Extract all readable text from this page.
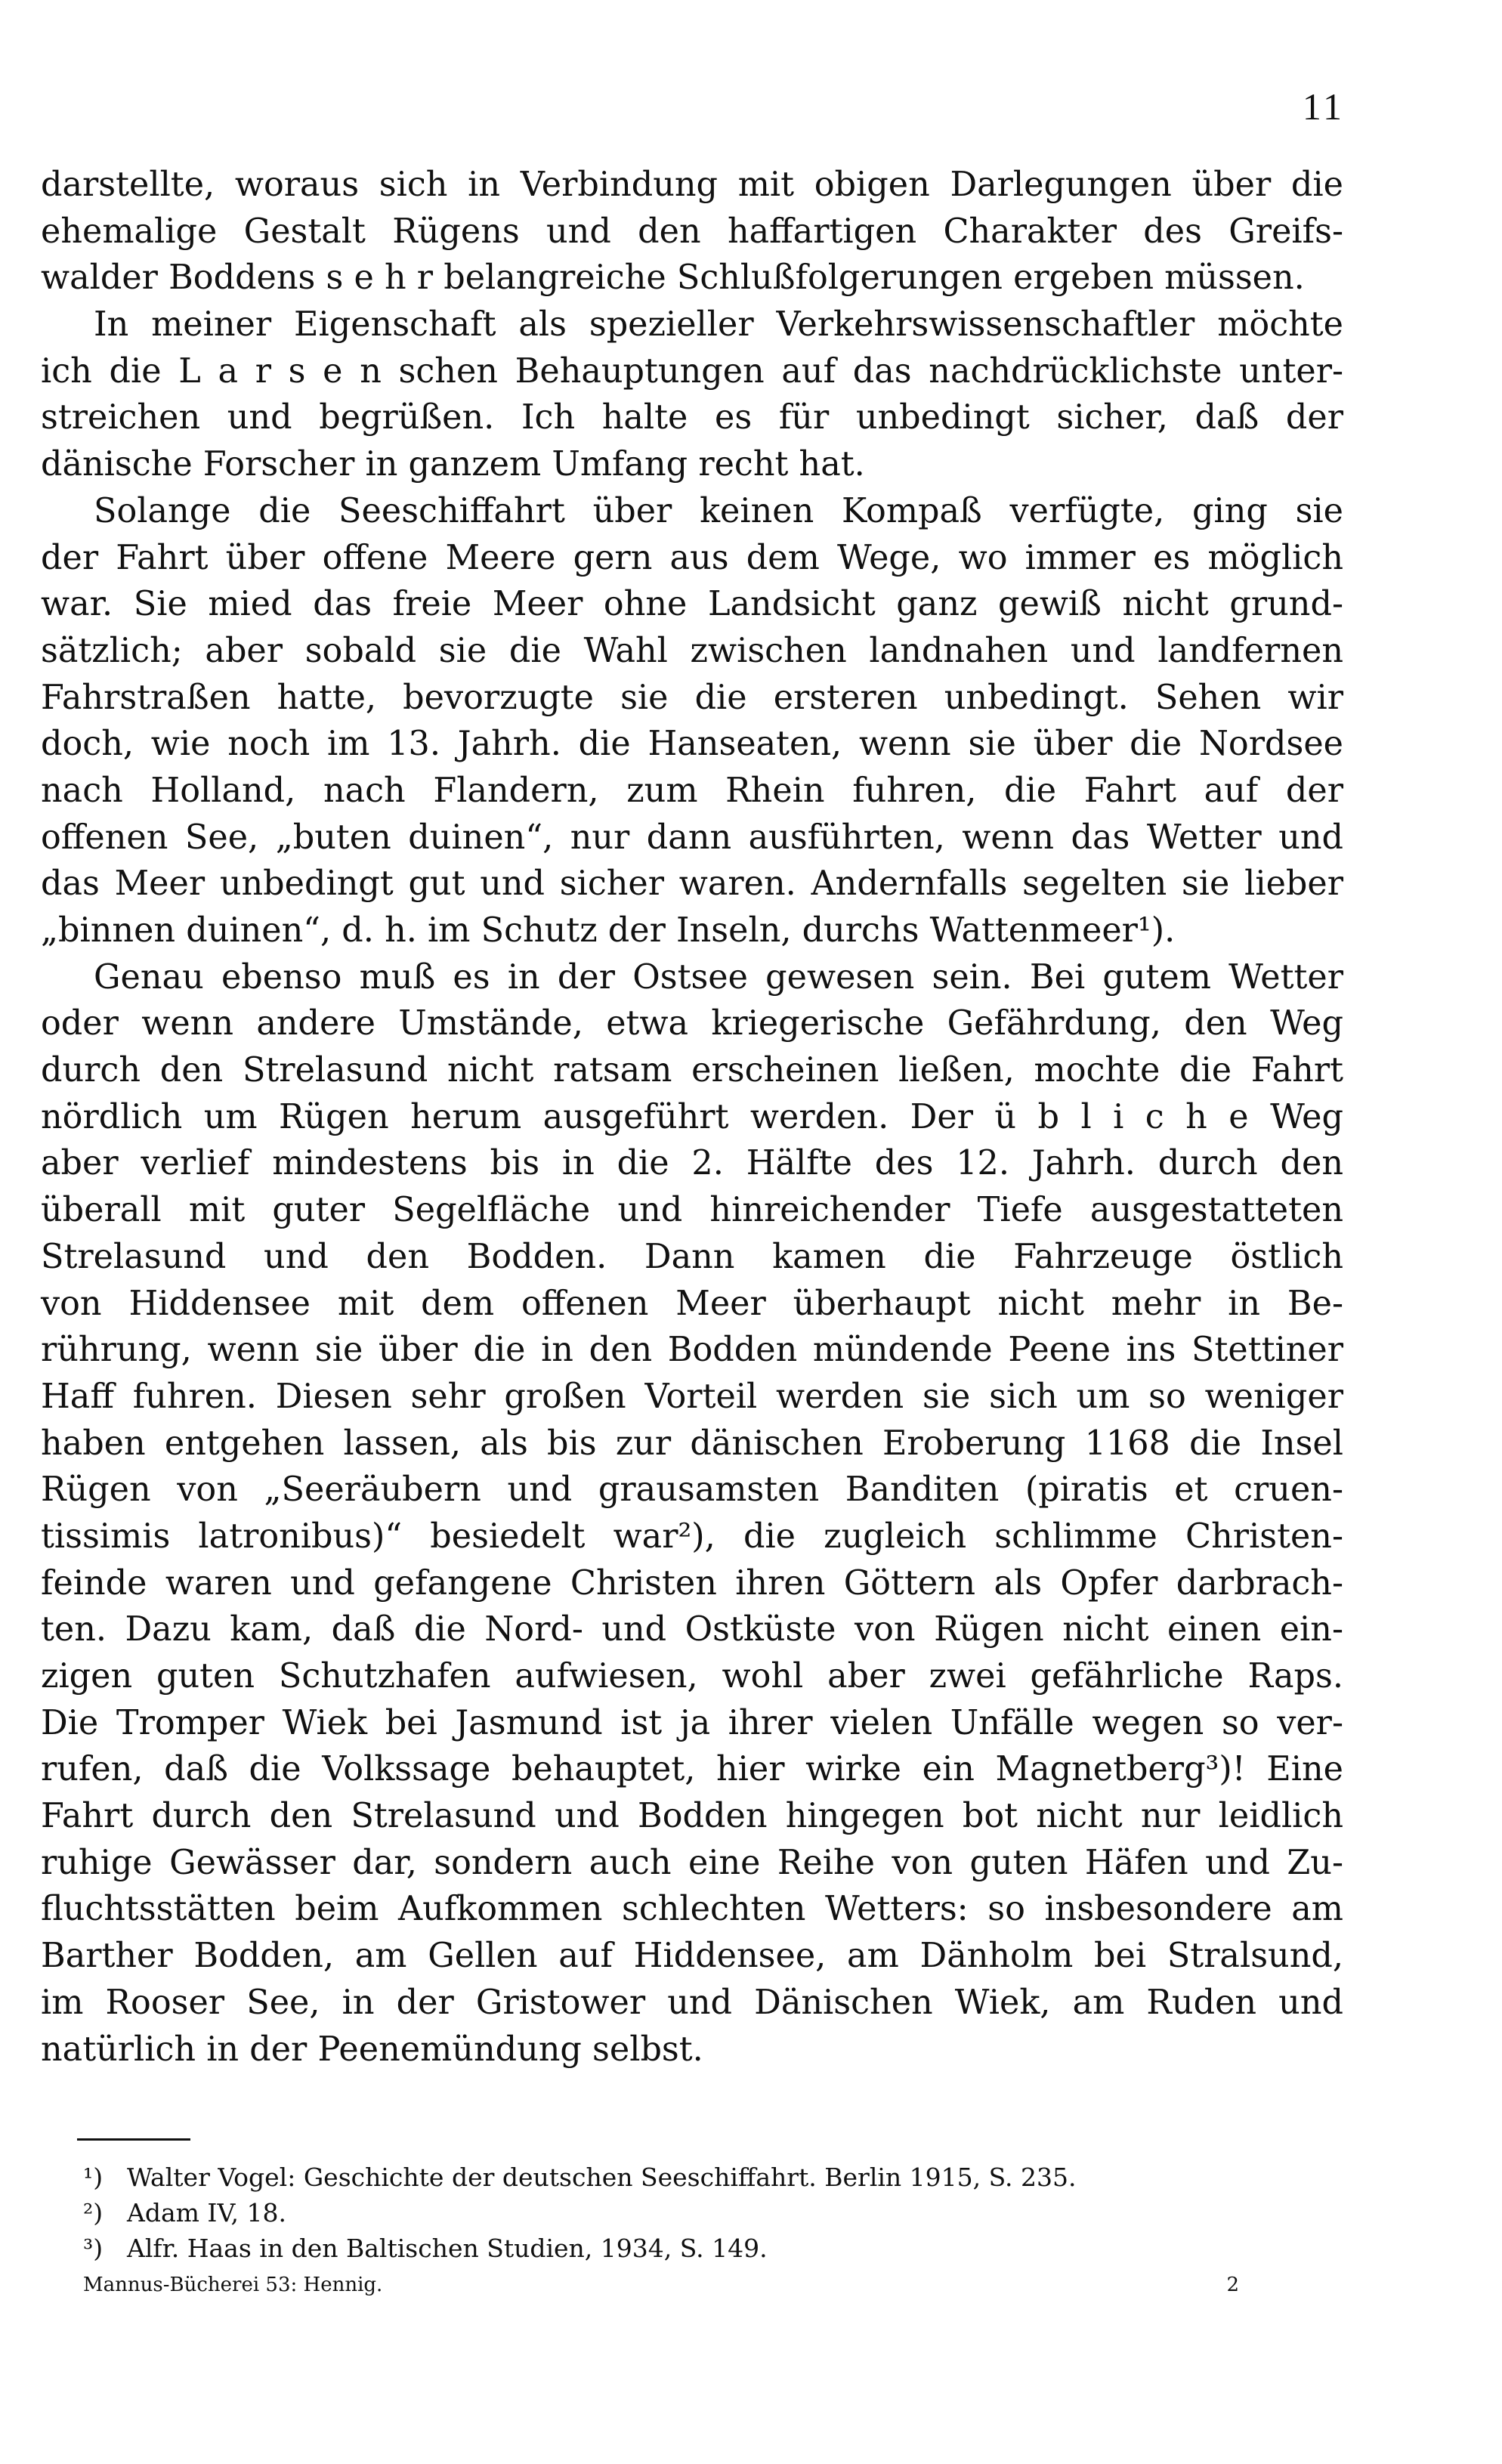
11
darstellte, woraus sich in Verbindung mit obigen Darlegungen über die
ehemalige Gestalt Rügens und den haffartigen Charakter des Greifs-
walder Boddens s e h r belangreiche Schlußfolgerungen ergeben müssen.
In meiner Eigenschaft als spezieller Verkehrswissenschaftler möchte
ich die L a r s e n schen Behauptungen auf das nachdrücklichste unter-
streichen und begrüßen. Ich halte es für unbedingt sicher, daß der
dänische Forscher in ganzem Umfang recht hat.
Solange die Seeschiffahrt über keinen Kompaß verfügte, ging sie
der Fahrt über offene Meere gern aus dem Wege, wo immer es möglich
war. Sie mied das freie Meer ohne Landsicht ganz gewiß nicht grund-
sätzlich; aber sobald sie die Wahl zwischen landnahen und landfernen
Fahrstraßen hatte, bevorzugte sie die ersteren unbedingt. Sehen wir
doch, wie noch im 13. Jahrh. die Hanseaten, wenn sie über die Nordsee
nach Holland, nach Flandern, zum Rhein fuhren, die Fahrt auf der
offenen See, „buten duinen“, nur dann ausführten, wenn das Wetter und
das Meer unbedingt gut und sicher waren. Andernfalls segelten sie lieber
„binnen duinen“, d. h. im Schutz der Inseln, durchs Wattenmeer¹).
Genau ebenso muß es in der Ostsee gewesen sein. Bei gutem Wetter
oder wenn andere Umstände, etwa kriegerische Gefährdung, den Weg
durch den Strelasund nicht ratsam erscheinen ließen, mochte die Fahrt
nördlich um Rügen herum ausgeführt werden. Der ü b l i c h e Weg
aber verlief mindestens bis in die 2. Hälfte des 12. Jahrh. durch den
überall mit guter Segelfläche und hinreichender Tiefe ausgestatteten
Strelasund und den Bodden. Dann kamen die Fahrzeuge östlich
von Hiddensee mit dem offenen Meer überhaupt nicht mehr in Be-
rührung, wenn sie über die in den Bodden mündende Peene ins Stettiner
Haff fuhren. Diesen sehr großen Vorteil werden sie sich um so weniger
haben entgehen lassen, als bis zur dänischen Eroberung 1168 die Insel
Rügen von „Seeräubern und grausamsten Banditen (piratis et cruen-
tissimis latronibus)“ besiedelt war²), die zugleich schlimme Christen-
feinde waren und gefangene Christen ihren Göttern als Opfer darbrach-
ten. Dazu kam, daß die Nord- und Ostküste von Rügen nicht einen ein-
zigen guten Schutzhafen aufwiesen, wohl aber zwei gefährliche Raps.
Die Tromper Wiek bei Jasmund ist ja ihrer vielen Unfälle wegen so ver-
rufen, daß die Volkssage behauptet, hier wirke ein Magnetberg³)! Eine
Fahrt durch den Strelasund und Bodden hingegen bot nicht nur leidlich
ruhige Gewässer dar, sondern auch eine Reihe von guten Häfen und Zu-
fluchtsstätten beim Aufkommen schlechten Wetters: so insbesondere am
Barther Bodden, am Gellen auf Hiddensee, am Dänholm bei Stralsund,
im Rooser See, in der Gristower und Dänischen Wiek, am Ruden und
natürlich in der Peenemündung selbst.
¹) Walter Vogel: Geschichte der deutschen Seeschiffahrt. Berlin 1915, S. 235.
²) Adam IV, 18.
³) Alfr. Haas in den Baltischen Studien, 1934, S. 149.
Mannus-Bücherei 53: Hennig.	2
